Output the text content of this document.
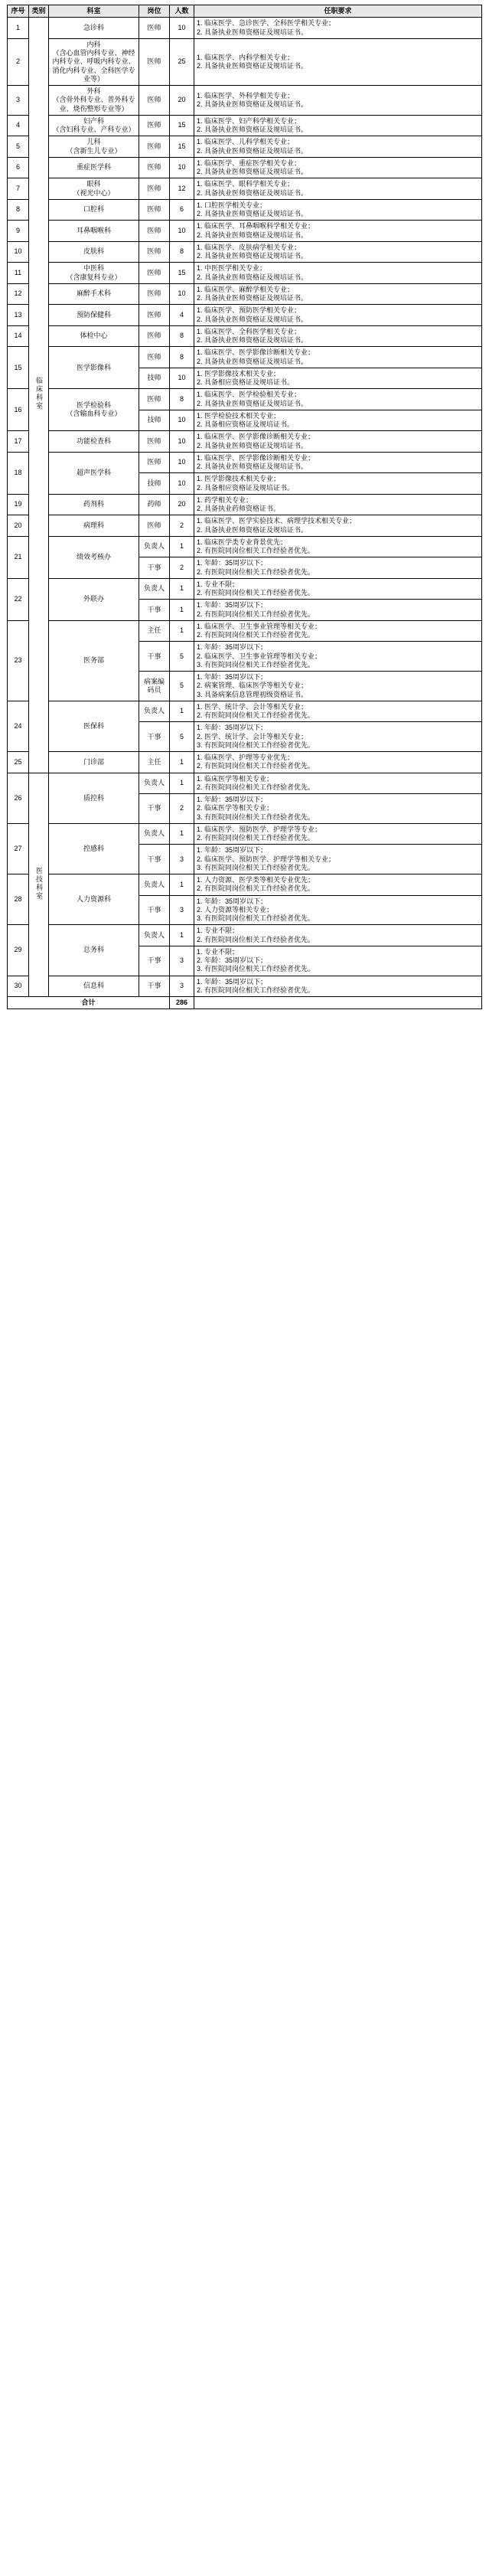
序号	类别	科室	岗位	人数	任职要求
1	临床科室	急诊科	医师	10	1. 临床医学、急诊医学、全科医学相关专业；
2. 具备执业医师资格证及规培证书。

2		内科
（含心血管内科专业、神经内科专业、呼吸内科专业、消化内科专业、全科医学专业等）	医师	25	1. 临床医学、内科学相关专业；
2. 具备执业医师资格证及规培证书。

3		外科
（含骨外科专业、普外科专业、烧伤整形专业等）	医师	20	1. 临床医学、外科学相关专业；
2. 具备执业医师资格证及规培证书。

4		妇产科
（含妇科专业、产科专业）	医师	15	1. 临床医学、妇产科学相关专业；
2. 具备执业医师资格证及规培证书。

5		儿科
（含新生儿专业）	医师	15	1. 临床医学、儿科学相关专业；
2. 具备执业医师资格证及规培证书。

6		重症医学科	医师	10	1. 临床医学、重症医学相关专业；
2. 具备执业医师资格证及规培证书。

7		眼科
（视光中心）	医师	12	1. 临床医学、眼科学相关专业；
2. 具备执业医师资格证及规培证书。

8		口腔科	医师	6	1. 口腔医学相关专业；
2. 具备执业医师资格证及规培证书。

9		耳鼻咽喉科	医师	10	1. 临床医学、耳鼻咽喉科学相关专业；
2. 具备执业医师资格证及规培证书。

10		皮肤科	医师	8	1. 临床医学、皮肤病学相关专业；
2. 具备执业医师资格证及规培证书。

11		中医科
（含康复科专业）	医师	15	1. 中医医学相关专业；
2. 具备执业医师资格证及规培证书。

12		麻醉手术科	医师	10	1. 临床医学、麻醉学相关专业；
2. 具备执业医师资格证及规培证书。

13		预防保健科	医师	4	1. 临床医学、预防医学相关专业；
2. 具备执业医师资格证及规培证书。

14		体检中心	医师	8	1. 临床医学、全科医学相关专业；
2. 具备执业医师资格证及规培证书。

15		医学影像科	医师	8	1. 临床医学、医学影像诊断相关专业；
2. 具备执业医师资格证及规培证书。

			技师	10	1. 医学影像技术相关专业；
2. 具备相应资格证及规培证书。

16		医学检验科
（含输血科专业）	医师	8	1. 临床医学、医学检验相关专业；
2. 具备执业医师资格证及规培证书。

			技师	10	1. 医学检验技术相关专业；
2. 具备相应资格证及规培证书。

17		功能检查科	医师	10	1. 临床医学、医学影像诊断相关专业；
2. 具备执业医师资格证及规培证书。

18		超声医学科	医师	10	1. 临床医学、医学影像诊断相关专业；
2. 具备执业医师资格证及规培证书。

			技师	10	1. 医学影像技术相关专业；
2. 具备相应资格证及规培证书。

19		药剂科	药师	20	1. 药学相关专业；
2. 具备执业药师资格证书。

20		病理科	医师	2	1. 临床医学、医学实验技术、病理学技术相关专业；
2. 具备执业医师资格证及规培证书。

21		绩效考核办	负责人	1	1. 临床医学类专业背景优先；
2. 有医院同岗位相关工作经验者优先。

			干事	2	1. 年龄：35周岁以下；
2. 有医院同岗位相关工作经验者优先。

22		外联办	负责人	1	1. 专业不限；
2. 有医院同岗位相关工作经验者优先。

			干事	1	1. 年龄：35周岁以下；
2. 有医院同岗位相关工作经验者优先。

23		医务部	主任	1	1. 临床医学、卫生事业管理等相关专业；
2. 有医院同岗位相关工作经验者优先。

			干事	5	1. 年龄：35周岁以下；
2. 临床医学、卫生事业管理等相关专业；
3. 有医院同岗位相关工作经验者优先。

			病案编码员	5	1. 年龄：35周岁以下；
2. 病案管理、临床医学等相关专业；
3. 具备病案信息管理初级资格证书。

24		医保科	负责人	1	1. 医学、统计学、会计等相关专业；
2. 有医院同岗位相关工作经验者优先。

			干事	5	1. 年龄：35周岁以下；
2. 医学、统计学、会计等相关专业；
3. 有医院同岗位相关工作经验者优先。

25		门诊部	主任	1	1. 临床医学、护理等专业优先；
2. 有医院同岗位相关工作经验者优先。

26	医技科室	质控科	负责人	1	1. 临床医学等相关专业；
2. 有医院同岗位相关工作经验者优先。

			干事	2	1. 年龄：35周岁以下；
2. 临床医学等相关专业；
3. 有医院同岗位相关工作经验者优先。

27		控感科	负责人	1	1. 临床医学、预防医学、护理学等专业；
2. 有医院同岗位相关工作经验者优先。

			干事	3	1. 年龄：35周岁以下；
2. 临床医学、预防医学、护理学等相关专业；
3. 有医院同岗位相关工作经验者优先。

28		人力资源科	负责人	1	1. 人力资源、医学类等相关专业优先；
2. 有医院同岗位相关工作经验者优先。

			干事	3	1. 年龄：35周岁以下；
2. 人力资源等相关专业；
3. 有医院同岗位相关工作经验者优先。

29		总务科	负责人	1	1. 专业不限；
2. 有医院同岗位相关工作经验者优先。

			干事	3	1. 专业不限；
2. 年龄：35周岁以下；
3. 有医院同岗位相关工作经验者优先。

30		信息科	干事	3	1. 年龄：35周岁以下；
2. 有医院同岗位相关工作经验者优先。

合计				286	
